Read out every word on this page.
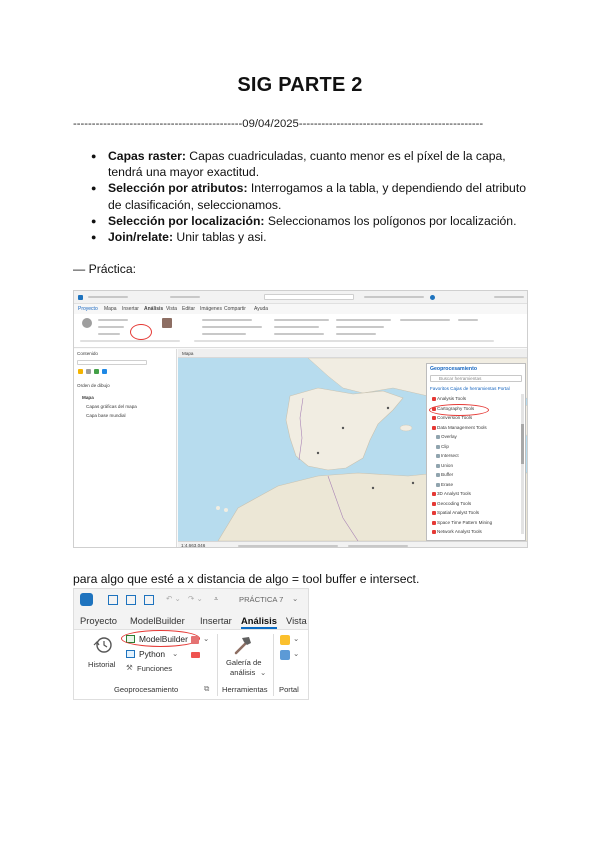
SIG PARTE 2
---------------------------------------------09/04/2025-------------------------------------------------
● Capas raster: Capas cuadriculadas, cuanto menor es el píxel de la capa, tendrá una mayor exactitud.
● Selección por atributos: Interrogamos a la tabla, y dependiendo del atributo de clasificación, seleccionamos.
● Selección por localización: Seleccionamos los polígonos por localización.
● Join/relate: Unir tablas y asi.
— Práctica:
Proyecto Mapa Insertar Análisis Vista Editar Imágenes Compartir Ayuda
Contenido
Orden de dibujo
Mapa
Capas gráficas del mapa
Capa base mundial
Mapa
Geoprocesamiento
Buscar herramientas
Favoritos Cajas de herramientas Portal
Analysis Tools
Cartography Tools
Conversion Tools
Data Management Tools
Overlay
Clip
Intersect
Union
Buffer
Erase
3D Analyst Tools
Geocoding Tools
Spatial Analyst Tools
Space Time Pattern Mining
Network Analyst Tools
1:4.663.046
para algo que esté a x distancia de algo = tool buffer e intersect.
↶ ⌄ ↷ ⌄ ⩡	PRÁCTICA 7 ⌄
Proyecto ModelBuilder Insertar Análisis Vista
Historial
ModelBuilder ⌄
Python ⌄
⚒ Funciones
Geoprocesamiento	⧉
Galería de
análisis ⌄
Herramientas
⌄
⌄
Portal
